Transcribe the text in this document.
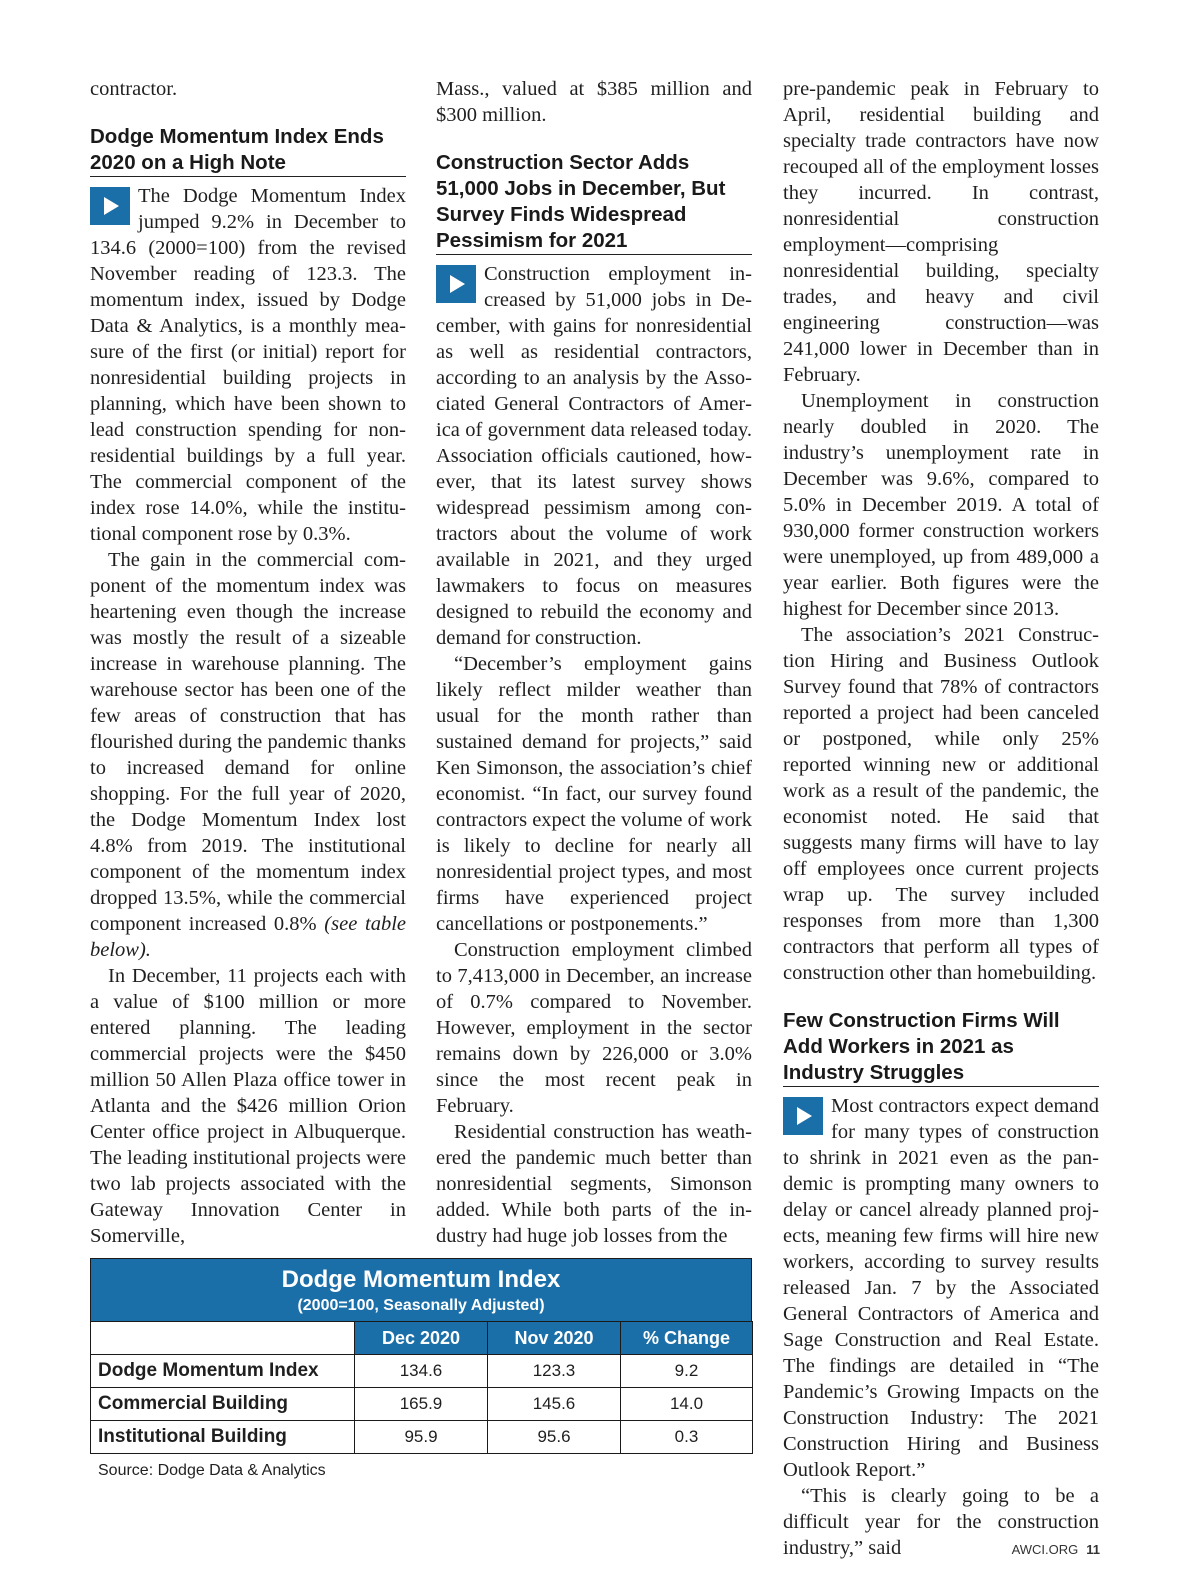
contractor.

Dodge Momentum Index Ends 2020 on a High Note

The Dodge Momentum Index jumped 9.2% in December to 134.6 (2000=100) from the revised November reading of 123.3. The momentum index, issued by Dodge Data & Analytics, is a monthly measure of the first (or initial) report for nonresidential building projects in planning, which have been shown to lead construction spending for nonresidential buildings by a full year. The commercial component of the index rose 14.0%, while the institutional component rose by 0.3%.

The gain in the commercial component of the momentum index was heartening even though the increase was mostly the result of a sizeable increase in warehouse planning. The warehouse sector has been one of the few areas of construction that has flourished during the pandemic thanks to increased demand for online shopping. For the full year of 2020, the Dodge Momentum Index lost 4.8% from 2019. The institutional component of the momentum index dropped 13.5%, while the commercial component increased 0.8% (see table below).

In December, 11 projects each with a value of $100 million or more entered planning. The leading commercial projects were the $450 million 50 Allen Plaza office tower in Atlanta and the $426 million Orion Center office project in Albuquerque. The leading institutional projects were two lab projects associated with the Gateway Innovation Center in Somerville,

Mass., valued at $385 million and $300 million.

Construction Sector Adds 51,000 Jobs in December, But Survey Finds Widespread Pessimism for 2021

Construction employment increased by 51,000 jobs in December, with gains for nonresidential as well as residential contractors, according to an analysis by the Associated General Contractors of America of government data released today. Association officials cautioned, however, that its latest survey shows widespread pessimism among contractors about the volume of work available in 2021, and they urged lawmakers to focus on measures designed to rebuild the economy and demand for construction.

“December’s employment gains likely reflect milder weather than usual for the month rather than sustained demand for projects,” said Ken Simonson, the association’s chief economist. “In fact, our survey found contractors expect the volume of work is likely to decline for nearly all nonresidential project types, and most firms have experienced project cancellations or postponements.”

Construction employment climbed to 7,413,000 in December, an increase of 0.7% compared to November. However, employment in the sector remains down by 226,000 or 3.0% since the most recent peak in February.

Residential construction has weathered the pandemic much better than nonresidential segments, Simonson added. While both parts of the industry had huge job losses from the

pre-pandemic peak in February to April, residential building and specialty trade contractors have now recouped all of the employment losses they incurred. In contrast, nonresidential construction employment—comprising nonresidential building, specialty trades, and heavy and civil engineering construction—was 241,000 lower in December than in February.

Unemployment in construction nearly doubled in 2020. The industry’s unemployment rate in December was 9.6%, compared to 5.0% in December 2019. A total of 930,000 former construction workers were unemployed, up from 489,000 a year earlier. Both figures were the highest for December since 2013.

The association’s 2021 Construction Hiring and Business Outlook Survey found that 78% of contractors reported a project had been canceled or postponed, while only 25% reported winning new or additional work as a result of the pandemic, the economist noted. He said that suggests many firms will have to lay off employees once current projects wrap up. The survey included responses from more than 1,300 contractors that perform all types of construction other than homebuilding.

Few Construction Firms Will Add Workers in 2021 as Industry Struggles

Most contractors expect demand for many types of construction to shrink in 2021 even as the pandemic is prompting many owners to delay or cancel already planned projects, meaning few firms will hire new workers, according to survey results released Jan. 7 by the Associated General Contractors of America and Sage Construction and Real Estate. The findings are detailed in “The Pandemic’s Growing Impacts on the Construction Industry: The 2021 Construction Hiring and Business Outlook Report.”

“This is clearly going to be a difficult year for the construction industry,” said

Dodge Momentum Index
(2000=100, Seasonally Adjusted)
	Dec 2020	Nov 2020	% Change
Dodge Momentum Index	134.6	123.3	9.2
Commercial Building	165.9	145.6	14.0
Institutional Building	95.9	95.6	0.3
Source: Dodge Data & Analytics
AWCI.ORG 11
